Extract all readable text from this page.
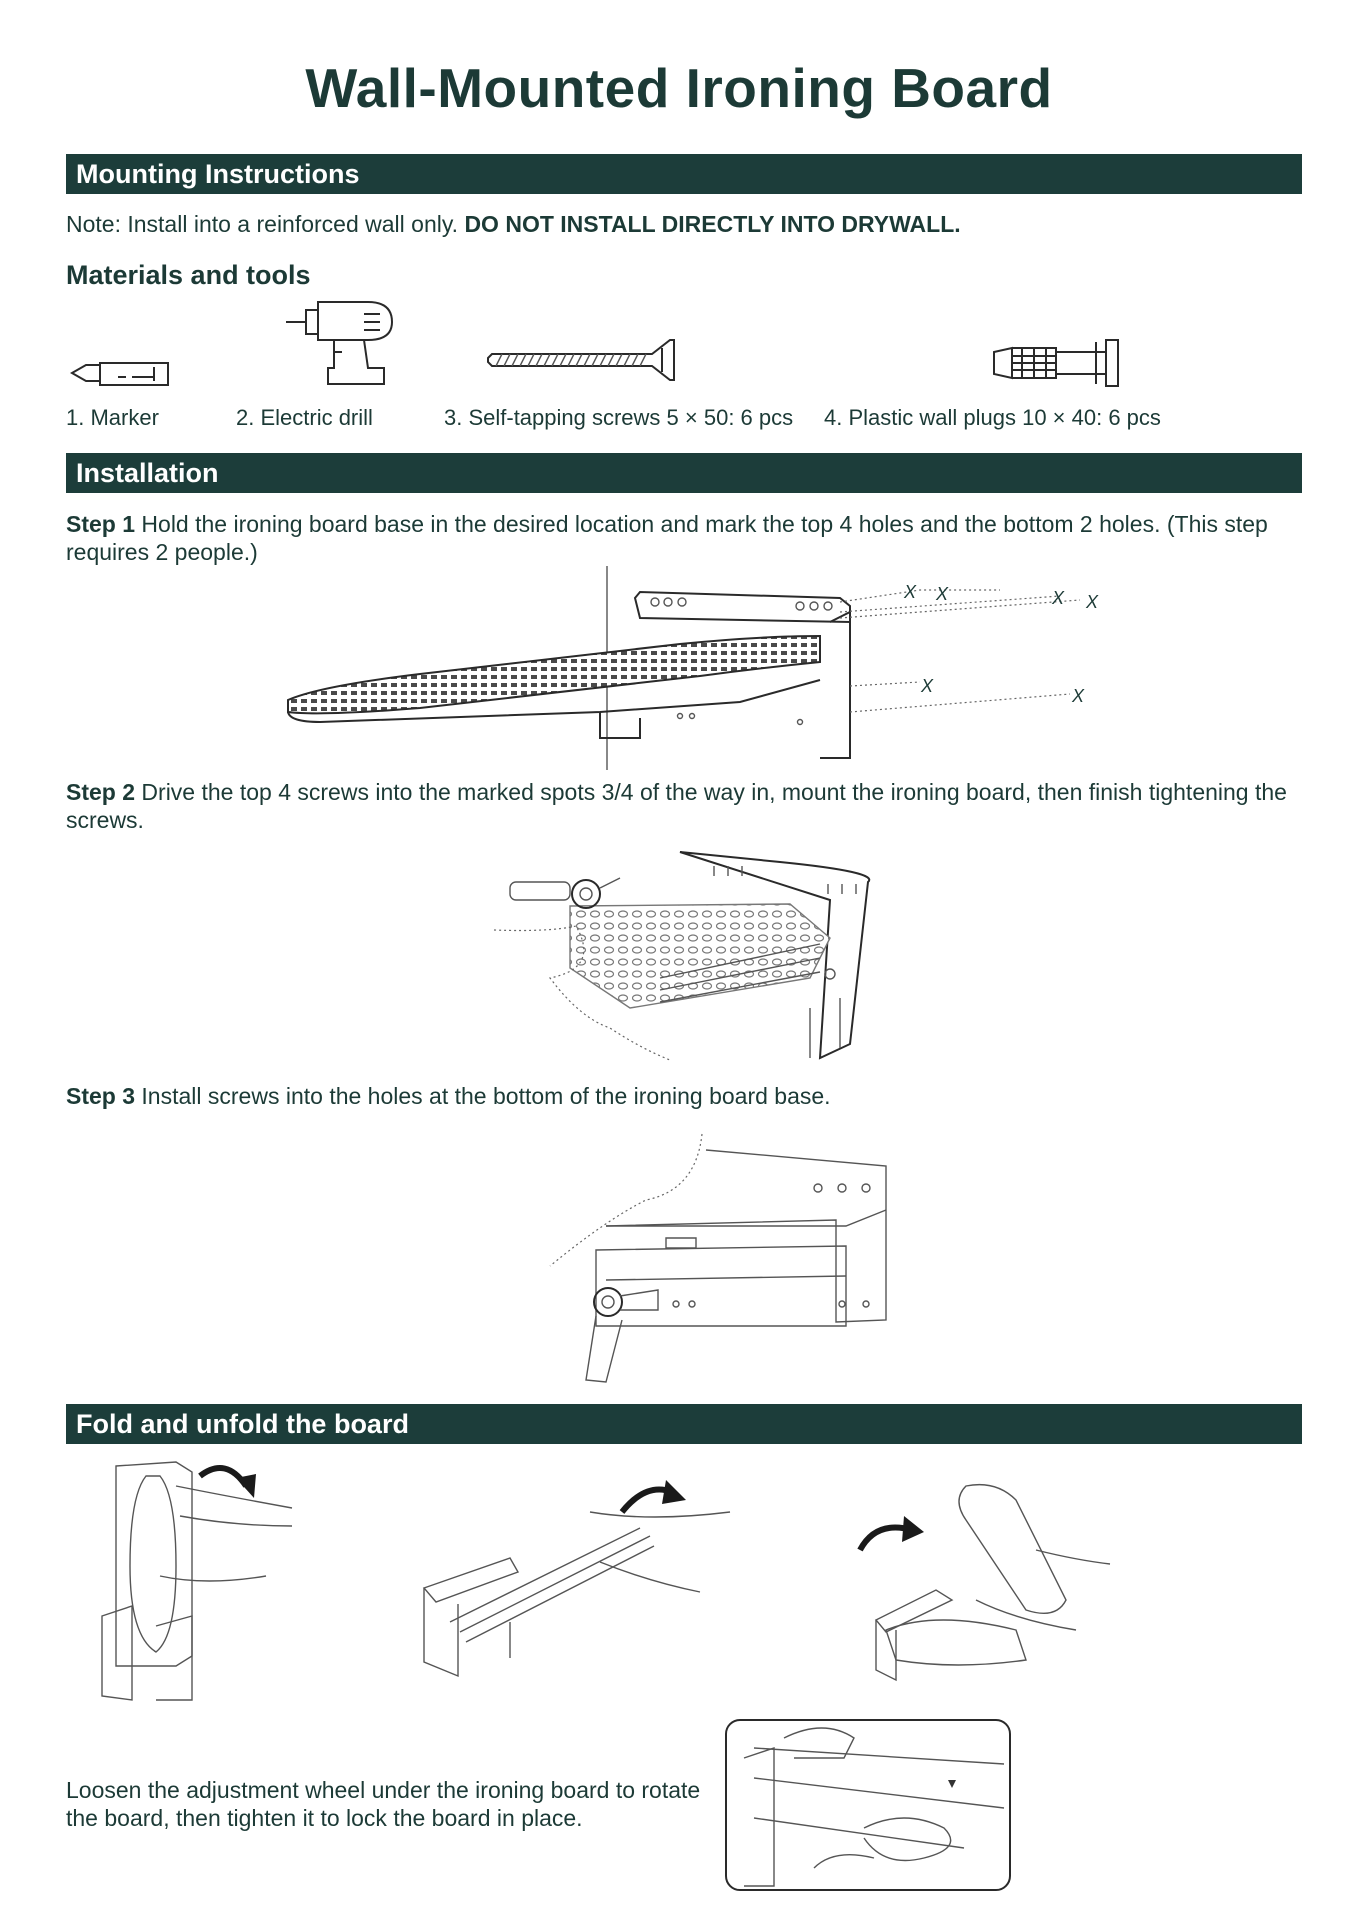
Wall-Mounted Ironing Board
Mounting Instructions
Note: Install into a reinforced wall only. DO NOT INSTALL DIRECTLY INTO DRYWALL.
Materials and tools
1. Marker	2. Electric drill	3. Self-tapping screws 5 × 50: 6 pcs 4. Plastic wall plugs 10 × 40: 6 pcs
Installation
Step 1 Hold the ironing board base in the desired location and mark the top 4 holes and the bottom 2 holes. (This step requires 2 people.)
X X	X X
X	X
Step 2 Drive the top 4 screws into the marked spots 3/4 of the way in, mount the ironing board, then finish tightening the screws.
Step 3 Install screws into the holes at the bottom of the ironing board base.
Fold and unfold the board
Loosen the adjustment wheel under the ironing board to rotate the board, then tighten it to lock the board in place.
